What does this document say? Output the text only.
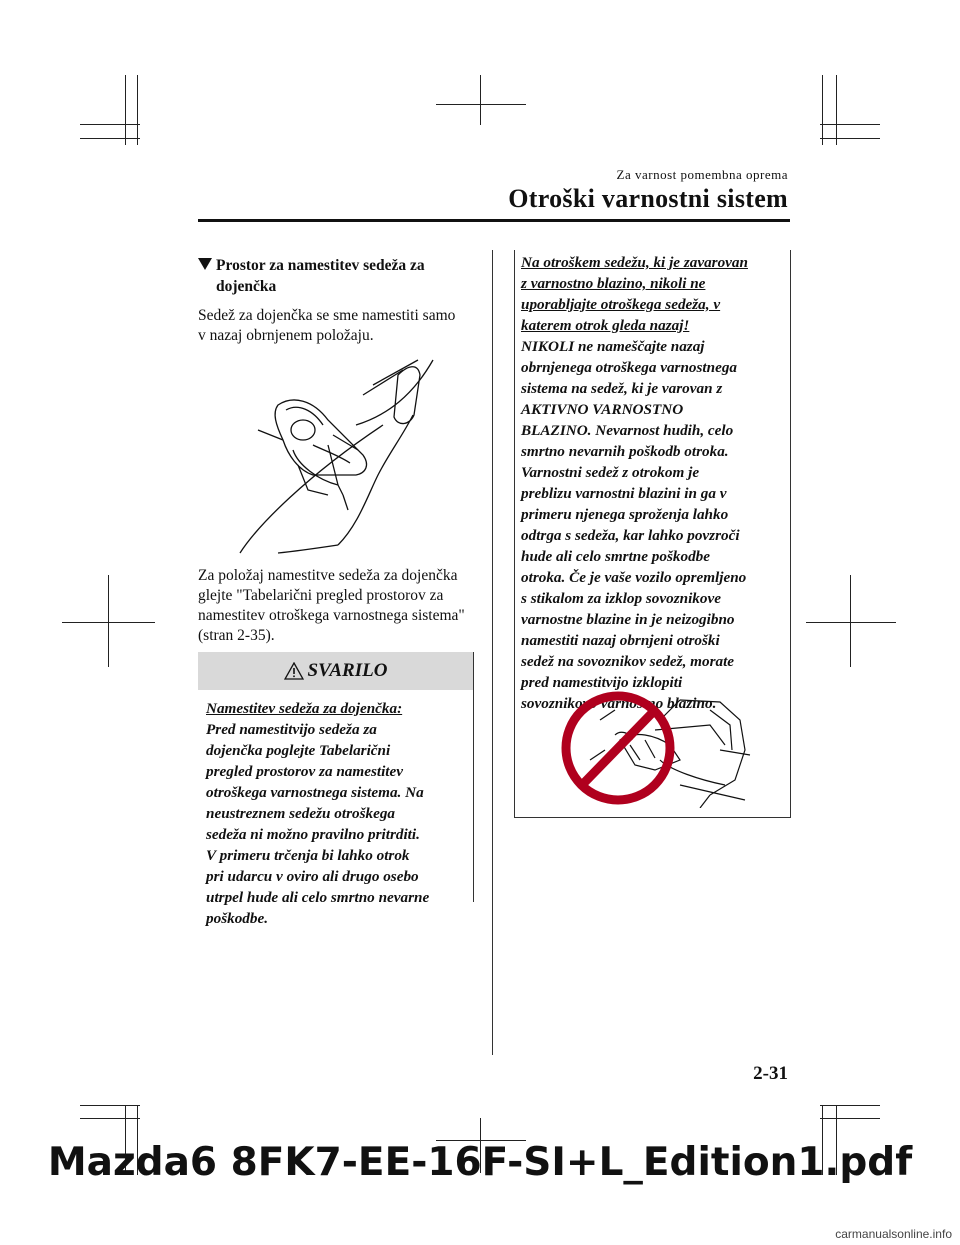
Za varnost pomembna oprema
Otroški varnostni sistem
Prostor za namestitev sedeža za
dojenčka

Sedež za dojenčka se sme namestiti samo

v nazaj obrnjenem položaju.

Za položaj namestitve sedeža za dojenčka

glejte "Tabelarični pregled prostorov za

namestitev otroškega varnostnega sistema"

(stran 2-35).

SVARILO

Namestitev sedeža za dojenčka:

Pred namestitvijo sedeža za

dojenčka poglejte Tabelarični

pregled prostorov za namestitev

otroškega varnostnega sistema. Na

neustreznem sedežu otroškega

sedeža ni možno pravilno pritrditi.

V primeru trčenja bi lahko otrok

pri udarcu v oviro ali drugo osebo

utrpel hude ali celo smrtno nevarne

poškodbe.

Na otroškem sedežu, ki je zavarovan

z varnostno blazino, nikoli ne

uporabljajte otroškega sedeža, v

katerem otrok gleda nazaj!

NIKOLI ne nameščajte nazaj

obrnjenega otroškega varnostnega

sistema na sedež, ki je varovan z

AKTIVNO VARNOSTNO

BLAZINO. Nevarnost hudih, celo

smrtno nevarnih poškodb otroka.

Varnostni sedež z otrokom je

preblizu varnostni blazini in ga v

primeru njenega sproženja lahko

odtrga s sedeža, kar lahko povzroči

hude ali celo smrtne poškodbe

otroka. Če je vaše vozilo opremljeno

s stikalom za izklop sovoznikove

varnostne blazine in je neizogibno

namestiti nazaj obrnjeni otroški

sedež na sovoznikov sedež, morate

pred namestitvijo izklopiti

sovoznikovo varnostno blazino.

2-31
Mazda6 8FK7-EE-16F-SI+L_Edition1.pdf
carmanualsonline.info
